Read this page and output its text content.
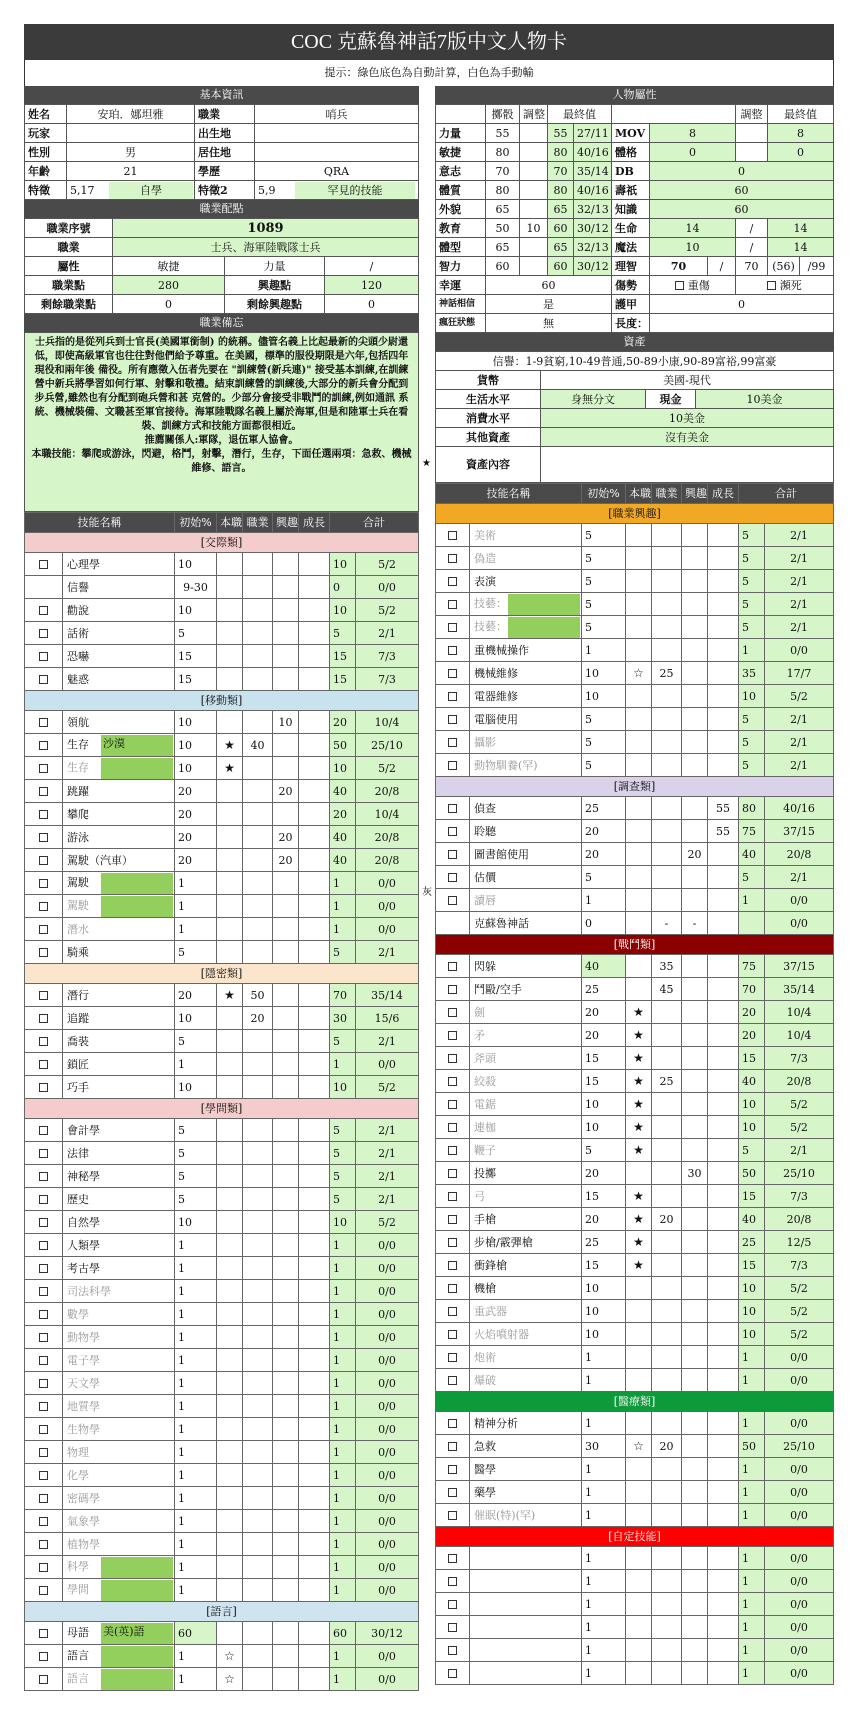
COC 克蘇魯神話7版中文人物卡
提示：綠色底色為自動計算，白色為手動輸
基本資訊
姓名	安珀．娜坦雅	職業	哨兵
玩家		出生地	
性別	男	居住地	
年齡	21	學歷	QRA
特徵	5,17 自學	特徵2	5,9 罕見的技能
職業配點
職業序號	1089		
職業	士兵、海軍陸戰隊士兵		
屬性	敏捷	力量	/
職業點	280	興趣點	120
剩餘職業點	0	剩餘興趣點	0
職業備忘
士兵指的是從列兵到士官長(美國軍銜制) 的統稱。儘管名義上比起最新的尖頭少尉還低，即使高級軍官也往往對他們給予尊重。在美國，標準的服役期限是六年,包括四年現役和兩年後 備役。所有應徵入伍者先要在 "訓練營(新兵連)" 接受基本訓練,在訓練營中新兵將學習如何行軍、射擊和敬禮。結束訓練營的訓練後,大部分的新兵會分配到步兵營,雖然也有分配到砲兵營和甚 克營的。少部分會接受非戰鬥的訓練,例如通訊 系統、機械裝備、文職甚至軍官接待。海軍陸戰隊名義上屬於海軍,但是和陸軍士兵在看裝、訓練方式和技能方面都很相近。
推薦關係人:軍隊，退伍軍人協會。
本職技能：攀爬或游泳，閃避，格鬥，射擊，潛行，生存，下面任選兩項：急救、機械維修、語言。
技能名稱		初始%	本職	職業	興趣	成長	合計	
[交際類]								
	心理學	10					10	5/2
	信譽	9-30					0	0/0
	勸說	10					10	5/2
	話術	5					5	2/1
	恐嚇	15					15	7/3
	魅惑	15					15	7/3
[移動類]								
	領航	10			10		20	10/4
	生存 沙漠	10	★	40			50	25/10
	生存	10	★				10	5/2
	跳躍	20			20		40	20/8
	攀爬	20					20	10/4
	游泳	20			20		40	20/8
	駕駛（汽車）	20			20		40	20/8
	駕駛	1					1	0/0
	駕駛	1					1	0/0
	潛水	1					1	0/0
	騎乘	5					5	2/1
[隱密類]								
	潛行	20	★	50			70	35/14
	追蹤	10		20			30	15/6
	喬裝	5					5	2/1
	鎖匠	1					1	0/0
	巧手	10					10	5/2
[學問類]								
	會計學	5					5	2/1
	法律	5					5	2/1
	神秘學	5					5	2/1
	歷史	5					5	2/1
	自然學	10					10	5/2
	人類學	1					1	0/0
	考古學	1					1	0/0
	司法科學	1					1	0/0
	數學	1					1	0/0
	動物學	1					1	0/0
	電子學	1					1	0/0
	天文學	1					1	0/0
	地質學	1					1	0/0
	生物學	1					1	0/0
	物理	1					1	0/0
	化學	1					1	0/0
	密碼學	1					1	0/0
	氣象學	1					1	0/0
	植物學	1					1	0/0
	科學	1					1	0/0
	學問	1					1	0/0
[語言]								
	母語 美(英)語	60					60	30/12
	語言	1	☆				1	0/0
	語言	1	☆				1	0/0
★
灰
人物屬性
	擲骰	調整	最終值					調整	最終值	
力量	55		55	27/11	MOV	8			8	
敏捷	80		80	40/16	體格	0			0	
意志	70		70	35/14	DB	0				
體質	80		80	40/16	壽祇	60				
外貌	65		65	32/13	知識	60				
教育	50	10	60	30/12	生命	14		/	14	
體型	65		65	32/13	魔法	10		/	14	
智力	60		60	30/12	理智	70	/	70	(56)	/99
幸運	60				傷勢	重傷		瀕死		
神話相信	是				護甲	0				
瘋狂狀態	無				長度：					
資產
信譽：1-9貧窮,10-49普通,50-89小康,90-89富裕,99富豪			
貨幣	美國-現代		
生活水平	身無分文	現金	10美金
消費水平	10美金		
其他資產	沒有美金		
資產內容			
技能名稱		初始%	本職	職業	興趣	成長	合計	
[職業興趣]								
	美術	5					5	2/1
	偽造	5					5	2/1
	表演	5					5	2/1
	技藝：	5					5	2/1
	技藝：	5					5	2/1
	重機械操作	1					1	0/0
	機械維修	10	☆	25			35	17/7
	電器維修	10					10	5/2
	電腦使用	5					5	2/1
	攝影	5					5	2/1
	動物馴養(罕)	5					5	2/1
[調查類]								
	偵查	25				55	80	40/16
	聆聽	20				55	75	37/15
	圖書館使用	20			20		40	20/8
	估價	5					5	2/1
	讀唇	1					1	0/0
	克蘇魯神話	0		-	-			0/0
[戰鬥類]								
	閃躲	40		35			75	37/15
	鬥毆/空手	25		45			70	35/14
	劍	20	★				20	10/4
	矛	20	★				20	10/4
	斧頭	15	★				15	7/3
	絞殺	15	★	25			40	20/8
	電鋸	10	★				10	5/2
	連枷	10	★				10	5/2
	鞭子	5	★				5	2/1
	投擲	20			30		50	25/10
	弓	15	★				15	7/3
	手槍	20	★	20			40	20/8
	步槍/霰彈槍	25	★				25	12/5
	衝鋒槍	15	★				15	7/3
	機槍	10					10	5/2
	重武器	10					10	5/2
	火焰噴射器	10					10	5/2
	炮術	1					1	0/0
	爆破	1					1	0/0
[醫療類]								
	精神分析	1					1	0/0
	急救	30	☆	20			50	25/10
	醫學	1					1	0/0
	藥學	1					1	0/0
	催眠(特)(罕)	1					1	0/0
[自定技能]								
		1					1	0/0
		1					1	0/0
		1					1	0/0
		1					1	0/0
		1					1	0/0
		1					1	0/0
